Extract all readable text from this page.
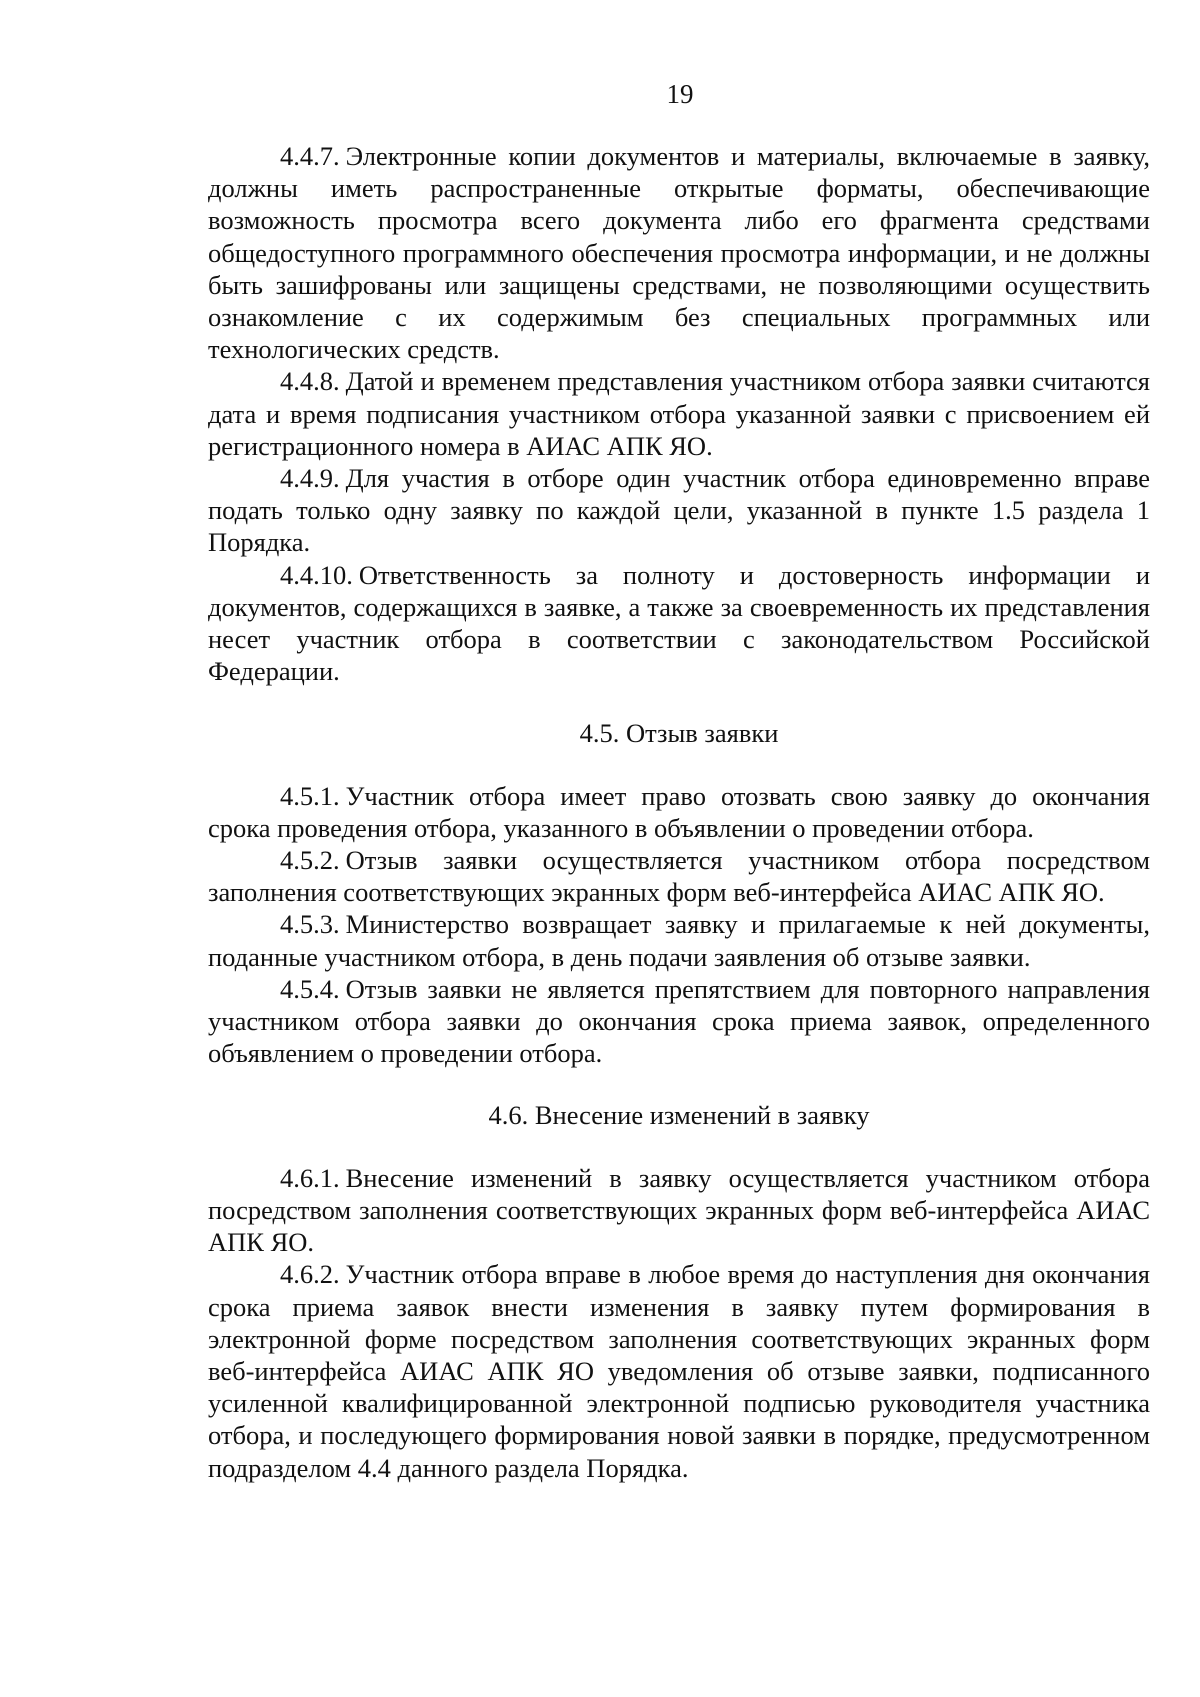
19

4.4.7. Электронные копии документов и материалы, включаемые в заявку, должны иметь распространенные открытые форматы, обеспечивающие возможность просмотра всего документа либо его фрагмента средствами общедоступного программного обеспечения просмотра информации, и не должны быть зашифрованы или защищены средствами, не позволяющими осуществить ознакомление с их содержимым без специальных программных или технологических средств.

4.4.8. Датой и временем представления участником отбора заявки считаются дата и время подписания участником отбора указанной заявки с присвоением ей регистрационного номера в АИАС АПК ЯО.

4.4.9. Для участия в отборе один участник отбора единовременно вправе подать только одну заявку по каждой цели, указанной в пункте 1.5 раздела 1 Порядка.

4.4.10. Ответственность за полноту и достоверность информации и документов, содержащихся в заявке, а также за своевременность их представления несет участник отбора в соответствии с законодательством Российской Федерации.

4.5. Отзыв заявки

4.5.1. Участник отбора имеет право отозвать свою заявку до окончания срока проведения отбора, указанного в объявлении о проведении отбора.

4.5.2. Отзыв заявки осуществляется участником отбора посредством заполнения соответствующих экранных форм веб-интерфейса АИАС АПК ЯО.

4.5.3. Министерство возвращает заявку и прилагаемые к ней документы, поданные участником отбора, в день подачи заявления об отзыве заявки.

4.5.4. Отзыв заявки не является препятствием для повторного направления участником отбора заявки до окончания срока приема заявок, определенного объявлением о проведении отбора.

4.6. Внесение изменений в заявку

4.6.1. Внесение изменений в заявку осуществляется участником отбора посредством заполнения соответствующих экранных форм веб-интерфейса АИАС АПК ЯО.

4.6.2. Участник отбора вправе в любое время до наступления дня окончания срока приема заявок внести изменения в заявку путем формирования в электронной форме посредством заполнения соответствующих экранных форм веб-интерфейса АИАС АПК ЯО уведомления об отзыве заявки, подписанного усиленной квалифицированной электронной подписью руководителя участника отбора, и последующего формирования новой заявки в порядке, предусмотренном подразделом 4.4 данного раздела Порядка.
